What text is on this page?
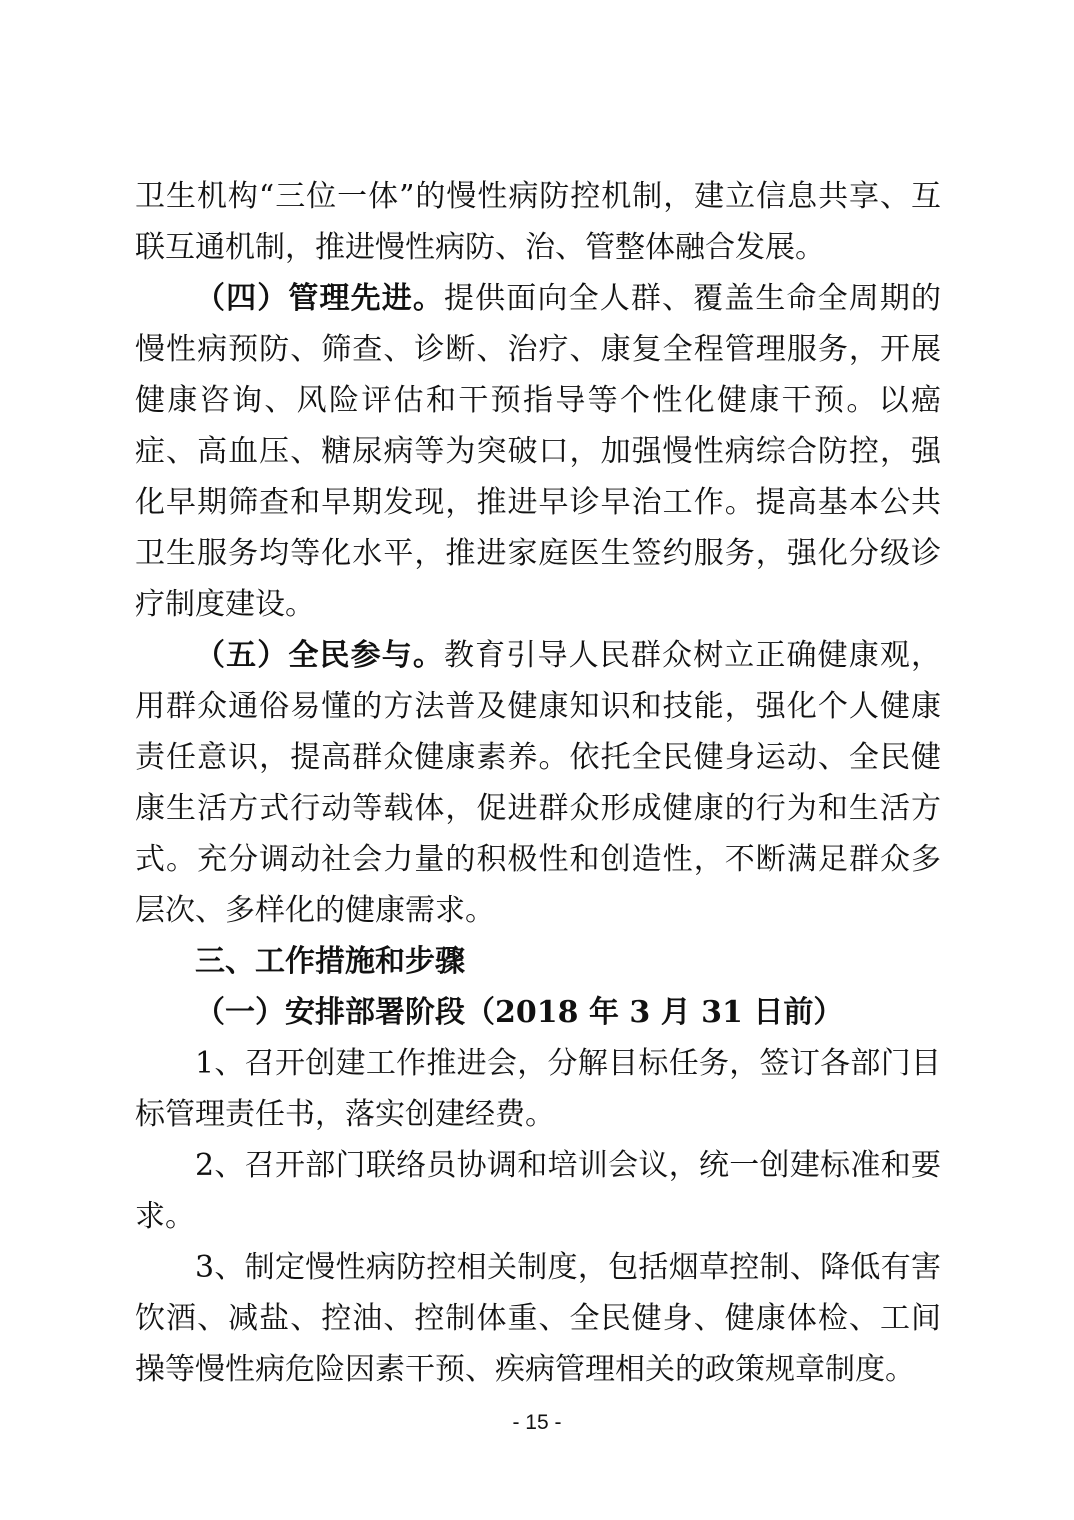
卫生机构“三位一体”的慢性病防控机制，建立信息共享、互联互通机制，推进慢性病防、治、管整体融合发展。

（四）管理先进。提供面向全人群、覆盖生命全周期的慢性病预防、筛查、诊断、治疗、康复全程管理服务，开展健康咨询、风险评估和干预指导等个性化健康干预。以癌症、高血压、糖尿病等为突破口，加强慢性病综合防控，强化早期筛查和早期发现，推进早诊早治工作。提高基本公共卫生服务均等化水平，推进家庭医生签约服务，强化分级诊疗制度建设。

（五）全民参与。教育引导人民群众树立正确健康观，用群众通俗易懂的方法普及健康知识和技能，强化个人健康责任意识，提高群众健康素养。依托全民健身运动、全民健康生活方式行动等载体，促进群众形成健康的行为和生活方式。充分调动社会力量的积极性和创造性，不断满足群众多层次、多样化的健康需求。

三、工作措施和步骤

（一）安排部署阶段（2018 年 3 月 31 日前）

1、召开创建工作推进会，分解目标任务，签订各部门目标管理责任书，落实创建经费。

2、召开部门联络员协调和培训会议，统一创建标准和要求。

3、制定慢性病防控相关制度，包括烟草控制、降低有害饮酒、减盐、控油、控制体重、全民健身、健康体检、工间操等慢性病危险因素干预、疾病管理相关的政策规章制度。

- 15 -
